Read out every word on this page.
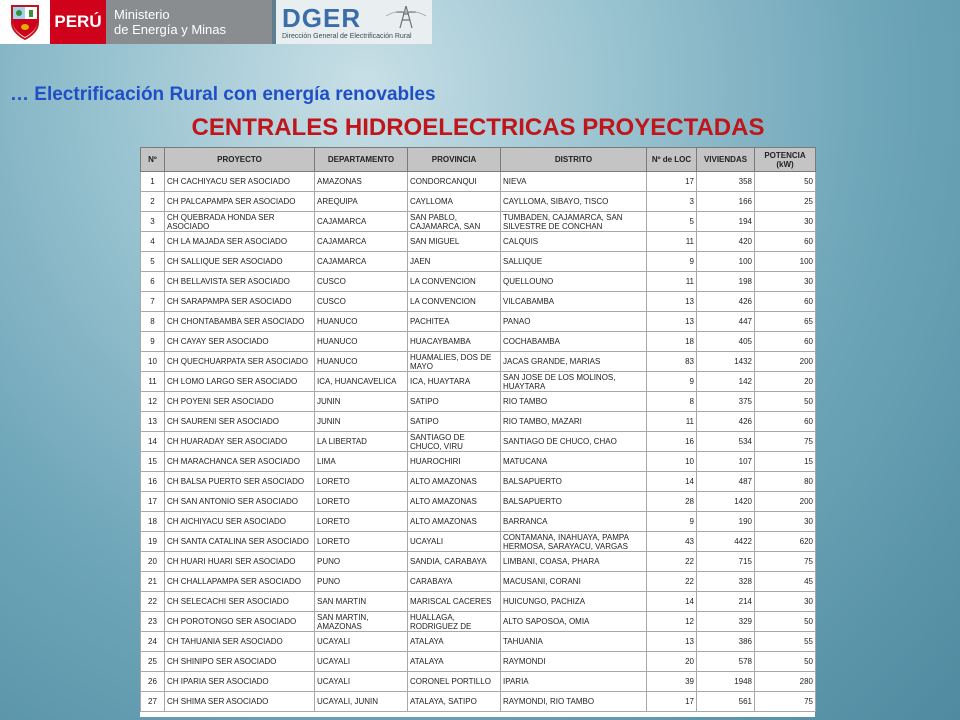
PERÚ Ministerio
de Energía y Minas DGER
Dirección General de Electrificación Rural
… Electrificación Rural con energía renovables
CENTRALES HIDROELECTRICAS PROYECTADAS
Nº	PROYECTO	DEPARTAMENTO	PROVINCIA	DISTRITO	Nº de LOC	VIVIENDAS	POTENCIA (kW)
1	CH CACHIYACU SER ASOCIADO	AMAZONAS	CONDORCANQUI	NIEVA	17	358	50
2	CH PALCAPAMPA SER ASOCIADO	AREQUIPA	CAYLLOMA	CAYLLOMA, SIBAYO, TISCO	3	166	25
3	CH QUEBRADA HONDA SER ASOCIADO	CAJAMARCA	SAN PABLO, CAJAMARCA, SAN	TUMBADEN, CAJAMARCA, SAN SILVESTRE DE CONCHAN	5	194	30
4	CH LA MAJADA SER ASOCIADO	CAJAMARCA	SAN MIGUEL	CALQUIS	11	420	60
5	CH SALLIQUE SER ASOCIADO	CAJAMARCA	JAEN	SALLIQUE	9	100	100
6	CH BELLAVISTA SER ASOCIADO	CUSCO	LA CONVENCION	QUELLOUNO	11	198	30
7	CH SARAPAMPA SER ASOCIADO	CUSCO	LA CONVENCION	VILCABAMBA	13	426	60
8	CH CHONTABAMBA SER ASOCIADO	HUANUCO	PACHITEA	PANAO	13	447	65
9	CH CAYAY SER ASOCIADO	HUANUCO	HUACAYBAMBA	COCHABAMBA	18	405	60
10	CH QUECHUARPATA SER ASOCIADO	HUANUCO	HUAMALIES, DOS DE MAYO	JACAS GRANDE, MARIAS	83	1432	200
11	CH LOMO LARGO SER ASOCIADO	ICA, HUANCAVELICA	ICA, HUAYTARA	SAN JOSE DE LOS MOLINOS, HUAYTARA	9	142	20
12	CH POYENI SER ASOCIADO	JUNIN	SATIPO	RIO TAMBO	8	375	50
13	CH SAURENI SER ASOCIADO	JUNIN	SATIPO	RIO TAMBO, MAZARI	11	426	60
14	CH HUARADAY SER ASOCIADO	LA LIBERTAD	SANTIAGO DE CHUCO, VIRU	SANTIAGO DE CHUCO, CHAO	16	534	75
15	CH MARACHANCA SER ASOCIADO	LIMA	HUAROCHIRI	MATUCANA	10	107	15
16	CH BALSA PUERTO SER ASOCIADO	LORETO	ALTO AMAZONAS	BALSAPUERTO	14	487	80
17	CH SAN ANTONIO SER ASOCIADO	LORETO	ALTO AMAZONAS	BALSAPUERTO	28	1420	200
18	CH AICHIYACU SER ASOCIADO	LORETO	ALTO AMAZONAS	BARRANCA	9	190	30
19	CH SANTA CATALINA SER ASOCIADO	LORETO	UCAYALI	CONTAMANA, INAHUAYA, PAMPA HERMOSA, SARAYACU, VARGAS	43	4422	620
20	CH HUARI HUARI SER ASOCIADO	PUNO	SANDIA, CARABAYA	LIMBANI, COASA, PHARA	22	715	75
21	CH CHALLAPAMPA SER ASOCIADO	PUNO	CARABAYA	MACUSANI, CORANI	22	328	45
22	CH SELECACHI SER ASOCIADO	SAN MARTIN	MARISCAL CACERES	HUICUNGO, PACHIZA	14	214	30
23	CH POROTONGO SER ASOCIADO	SAN MARTIN, AMAZONAS	HUALLAGA, RODRIGUEZ DE	ALTO SAPOSOA, OMIA	12	329	50
24	CH TAHUANIA SER ASOCIADO	UCAYALI	ATALAYA	TAHUANIA	13	386	55
25	CH SHINIPO SER ASOCIADO	UCAYALI	ATALAYA	RAYMONDI	20	578	50
26	CH IPARIA SER ASOCIADO	UCAYALI	CORONEL PORTILLO	IPARIA	39	1948	280
27	CH SHIMA SER ASOCIADO	UCAYALI, JUNIN	ATALAYA, SATIPO	RAYMONDI, RIO TAMBO	17	561	75
